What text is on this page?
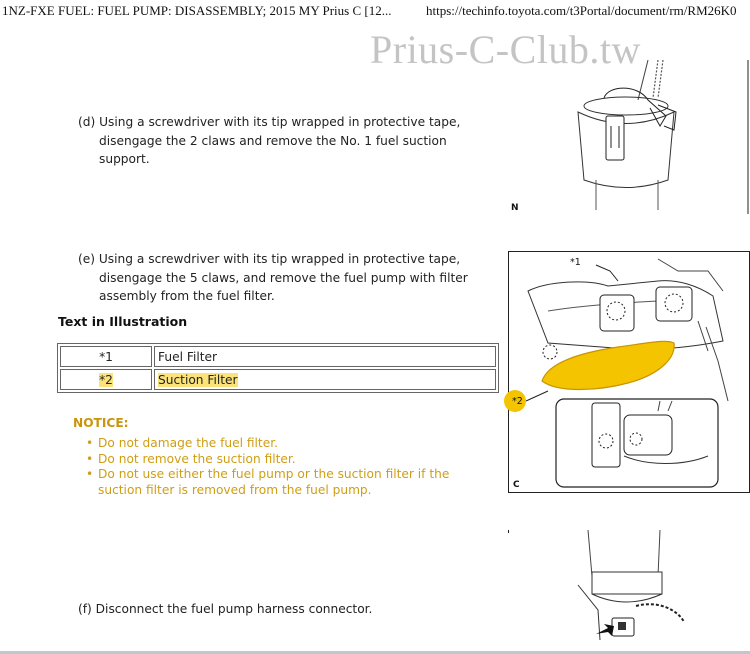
1NZ-FXE FUEL: FUEL PUMP: DISASSEMBLY; 2015 MY Prius C [12...	https://techinfo.toyota.com/t3Portal/document/rm/RM26K0
Prius-C-Club.tw
(d) Using a screwdriver with its tip wrapped in protective tape,
disengage the 2 claws and remove the No. 1 fuel suction
support.
N
(e) Using a screwdriver with its tip wrapped in protective tape,
disengage the 5 claws, and remove the fuel pump with filter
assembly from the fuel filter.
Text in Illustration
*1	Fuel Filter
*2	Suction Filter
NOTICE:
• Do not damage the fuel filter.
• Do not remove the suction filter.
• Do not use either the fuel pump or the suction filter if the
suction filter is removed from the fuel pump.
*1
*2
C
(f) Disconnect the fuel pump harness connector.
